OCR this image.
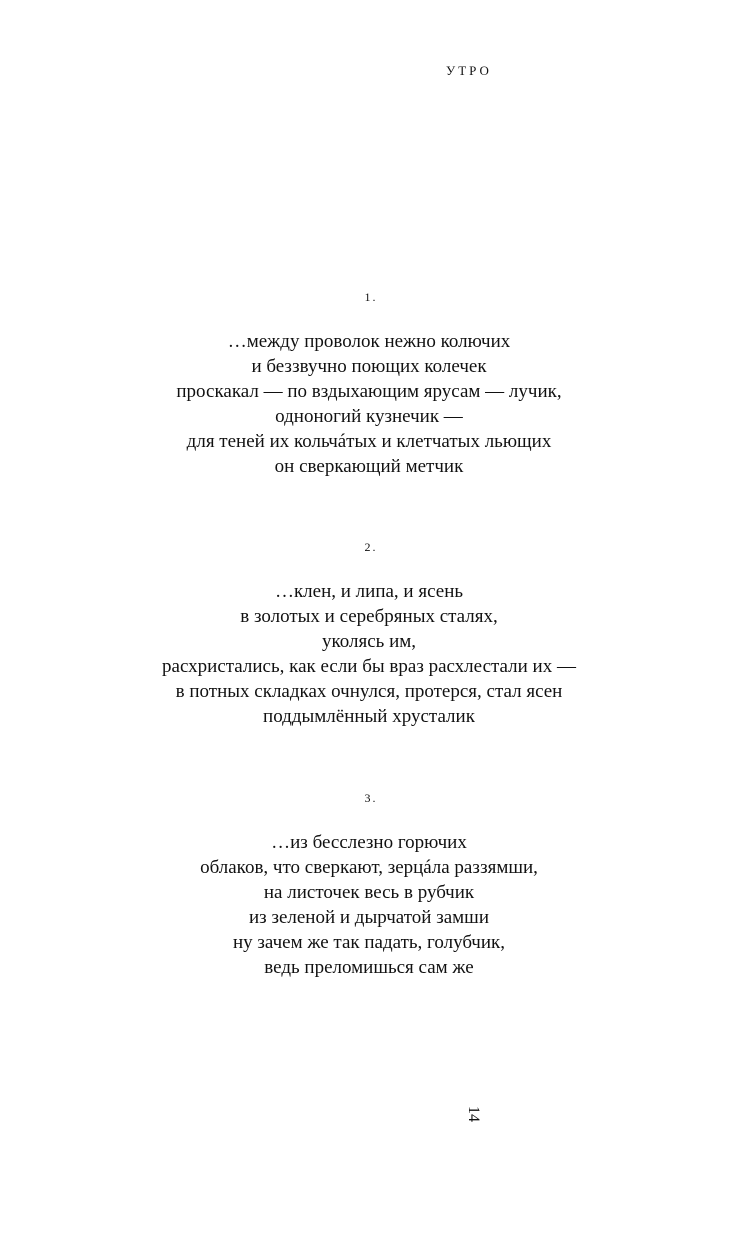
УТРО
1.
…между проволок нежно колючих
и беззвучно поющих колечек
проскакал — по вздыхающим ярусам — лучик,
одноногий кузнечик —
для теней их кольчáтых и клетчатых льющих
он сверкающий метчик
2.
…клен, и липа, и ясень
в золотых и серебряных сталях,
уколясь им,
расхристались, как если бы враз расхлестали их —
в потных складках очнулся, протерся, стал ясен
поддымлённый хрусталик
3.
…из бесслезно горючих
облаков, что сверкают, зерцáла раззямши,
на листочек весь в рубчик
из зеленой и дырчатой замши
ну зачем же так падать, голубчик,
ведь преломишься сам же
14
